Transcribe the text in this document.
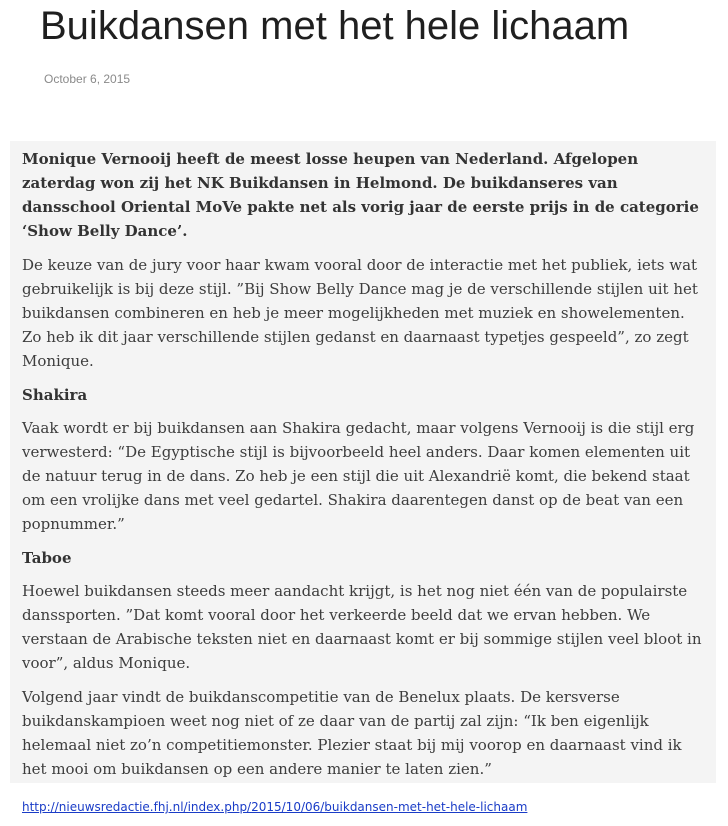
Buikdansen met het hele lichaam
October 6, 2015

Monique Vernooij heeft de meest losse heupen van Nederland. Afgelopen zaterdag won zij het NK Buikdansen in Helmond. De buikdanseres van dansschool Oriental MoVe pakte net als vorig jaar de eerste prijs in de categorie ‘Show Belly Dance’.

De keuze van de jury voor haar kwam vooral door de interactie met het publiek, iets wat gebruikelijk is bij deze stijl. ”Bij Show Belly Dance mag je de verschillende stijlen uit het buikdansen combineren en heb je meer mogelijkheden met muziek en showelementen. Zo heb ik dit jaar verschillende stijlen gedanst en daarnaast typetjes gespeeld”, zo zegt Monique.

Shakira

Vaak wordt er bij buikdansen aan Shakira gedacht, maar volgens Vernooij is die stijl erg verwesterd: “De Egyptische stijl is bijvoorbeeld heel anders. Daar komen elementen uit de natuur terug in de dans. Zo heb je een stijl die uit Alexandrië komt, die bekend staat om een vrolijke dans met veel gedartel. Shakira daarentegen danst op de beat van een popnummer.”

Taboe

Hoewel buikdansen steeds meer aandacht krijgt, is het nog niet één van de populairste danssporten. ”Dat komt vooral door het verkeerde beeld dat we ervan hebben. We verstaan de Arabische teksten niet en daarnaast komt er bij sommige stijlen veel bloot in voor”, aldus Monique.

Volgend jaar vindt de buikdanscompetitie van de Benelux plaats. De kersverse buikdanskampioen weet nog niet of ze daar van de partij zal zijn: “Ik ben eigenlijk helemaal niet zo’n competitiemonster. Plezier staat bij mij voorop en daarnaast vind ik het mooi om buikdansen op een andere manier te laten zien.”

http://nieuwsredactie.fhj.nl/index.php/2015/10/06/buikdansen-met-het-hele-lichaam
